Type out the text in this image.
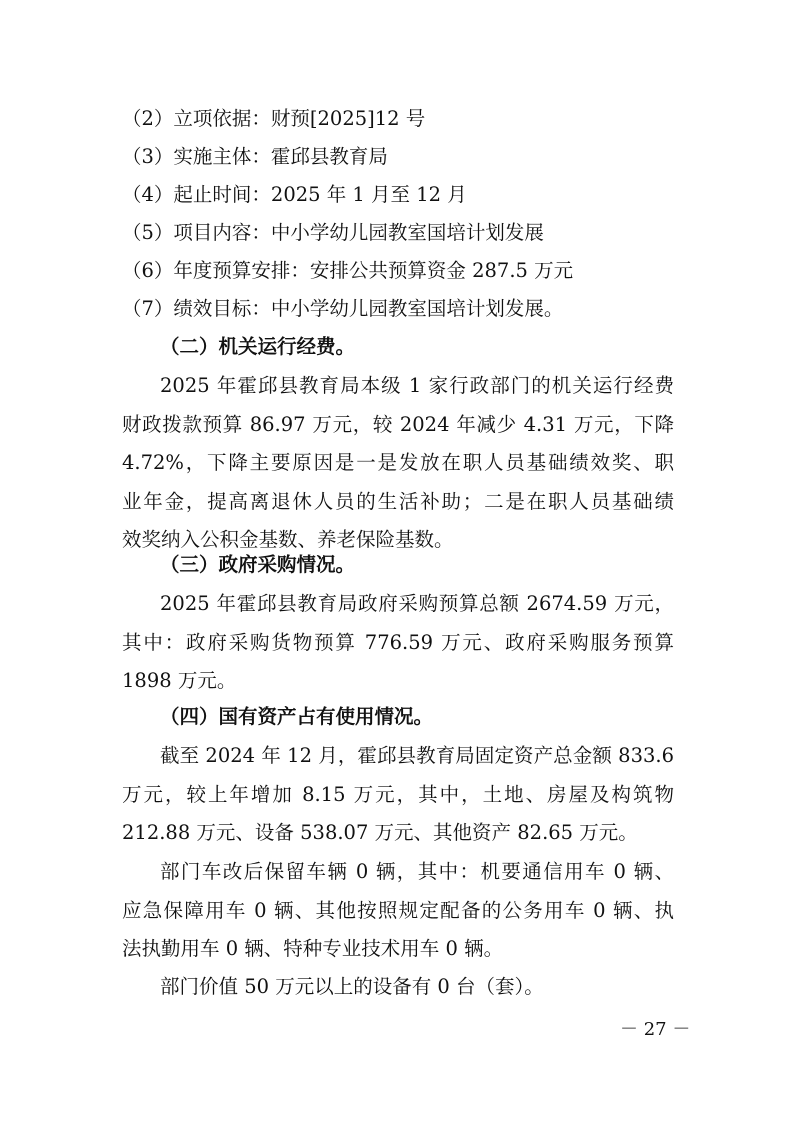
（2）立项依据：财预[2025]12 号
（3）实施主体：霍邱县教育局
（4）起止时间：2025 年 1 月至 12 月
（5）项目内容：中小学幼儿园教室国培计划发展
（6）年度预算安排：安排公共预算资金 287.5 万元
（7）绩效目标：中小学幼儿园教室国培计划发展。
（二）机关运行经费。
2025 年霍邱县教育局本级 1 家行政部门的机关运行经费
财政拨款预算 86.97 万元，较 2024 年减少 4.31 万元，下降
4.72%，下降主要原因是一是发放在职人员基础绩效奖、职
业年金，提高离退休人员的生活补助；二是在职人员基础绩
效奖纳入公积金基数、养老保险基数。
（三）政府采购情况。
2025 年霍邱县教育局政府采购预算总额 2674.59 万元，
其中：政府采购货物预算 776.59 万元、政府采购服务预算
1898 万元。
（四）国有资产占有使用情况。
截至 2024 年 12 月，霍邱县教育局固定资产总金额 833.6
万元，较上年增加 8.15 万元，其中，土地、房屋及构筑物
212.88 万元、设备 538.07 万元、其他资产 82.65 万元。
部门车改后保留车辆 0 辆，其中：机要通信用车 0 辆、
应急保障用车 0 辆、其他按照规定配备的公务用车 0 辆、执
法执勤用车 0 辆、特种专业技术用车 0 辆。
部门价值 50 万元以上的设备有 0 台（套）。
－ 27 －
